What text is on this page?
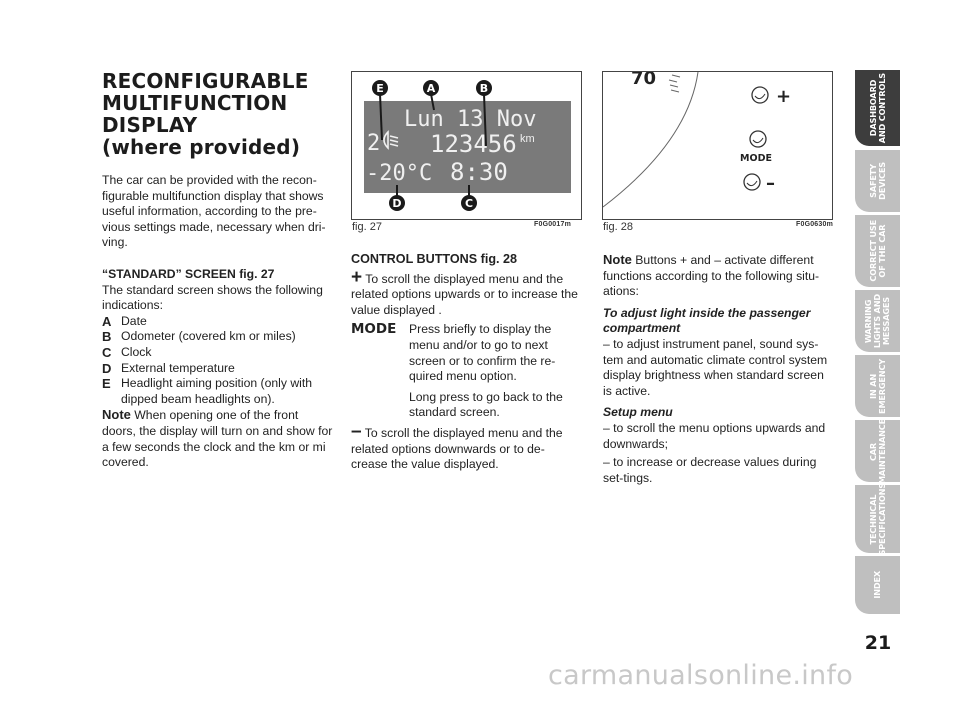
RECONFIGURABLE
MULTIFUNCTION
DISPLAY
(where provided)

The car can be provided with the recon-figurable multifunction display that shows useful information, according to the pre-vious settings made, necessary when dri-ving.

“STANDARD” SCREEN fig. 27

The standard screen shows the following indications:

A Date
B Odometer (covered km or miles)
C Clock
D External temperature
E Headlight aiming position (only with dipped beam headlights on).

Note When opening one of the front doors, the display will turn on and show for a few seconds the clock and the km or mi covered.

Lun 13 Nov
2 123456 km
-20°C 8:30
E	A	B
D	C
fig. 27	F0G0017m
70
+
MODE
–
fig. 28	F0G0630m

CONTROL BUTTONS fig. 28

+ To scroll the displayed menu and the related options upwards or to increase the value displayed .

MODE	Press briefly to display the menu and/or to go to next screen or to confirm the re-quired menu option.

Long press to go back to the standard screen.

– To scroll the displayed menu and the related options downwards or to de-crease the value displayed.

Note Buttons + and – activate different functions according to the following situ-ations:

To adjust light inside the passenger compartment

– to adjust instrument panel, sound sys-tem and automatic climate control system display brightness when standard screen is active.

Setup menu

– to scroll the menu options upwards and downwards;

– to increase or decrease values during set-tings.

DASHBOARD
AND CONTROLS
SAFETY
DEVICES
CORRECT USE
OF THE CAR
WARNING
LIGHTS AND
MESSAGES
IN AN
EMERGENCY
CAR
MAINTENANCE
TECHNICAL
SPECIFICATIONS
INDEX
21
carmanualsonline.info
